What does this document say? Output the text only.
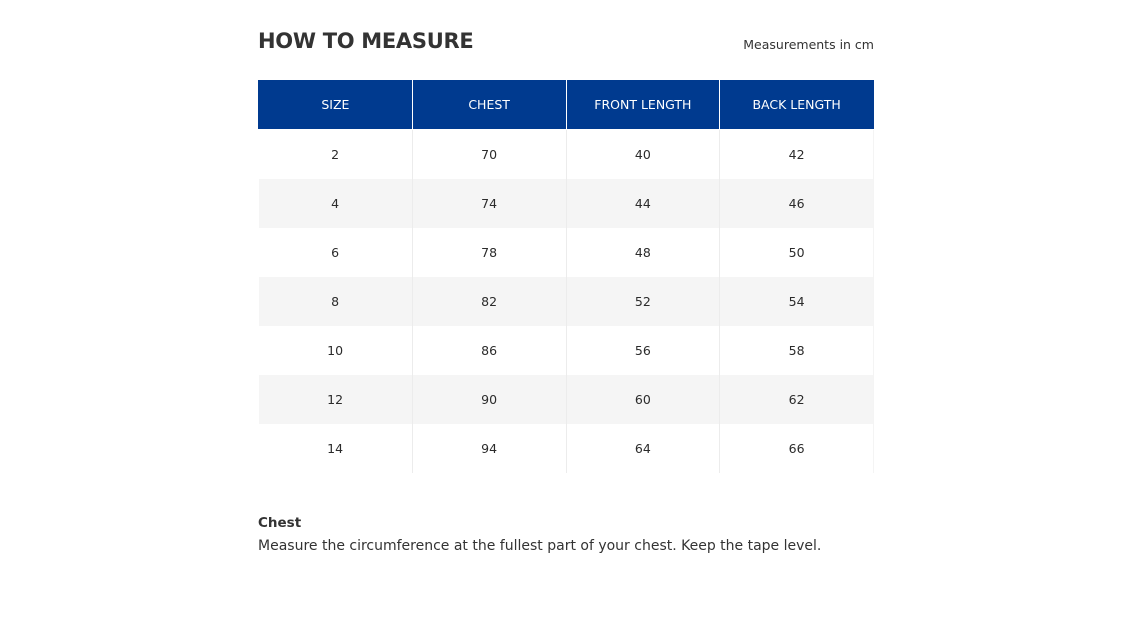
HOW TO MEASURE	Measurements in cm
SIZE	CHEST	FRONT LENGTH	BACK LENGTH
2	70	40	42
4	74	44	46
6	78	48	50
8	82	52	54
10	86	56	58
12	90	60	62
14	94	64	66
Chest
Measure the circumference at the fullest part of your chest. Keep the tape level.
